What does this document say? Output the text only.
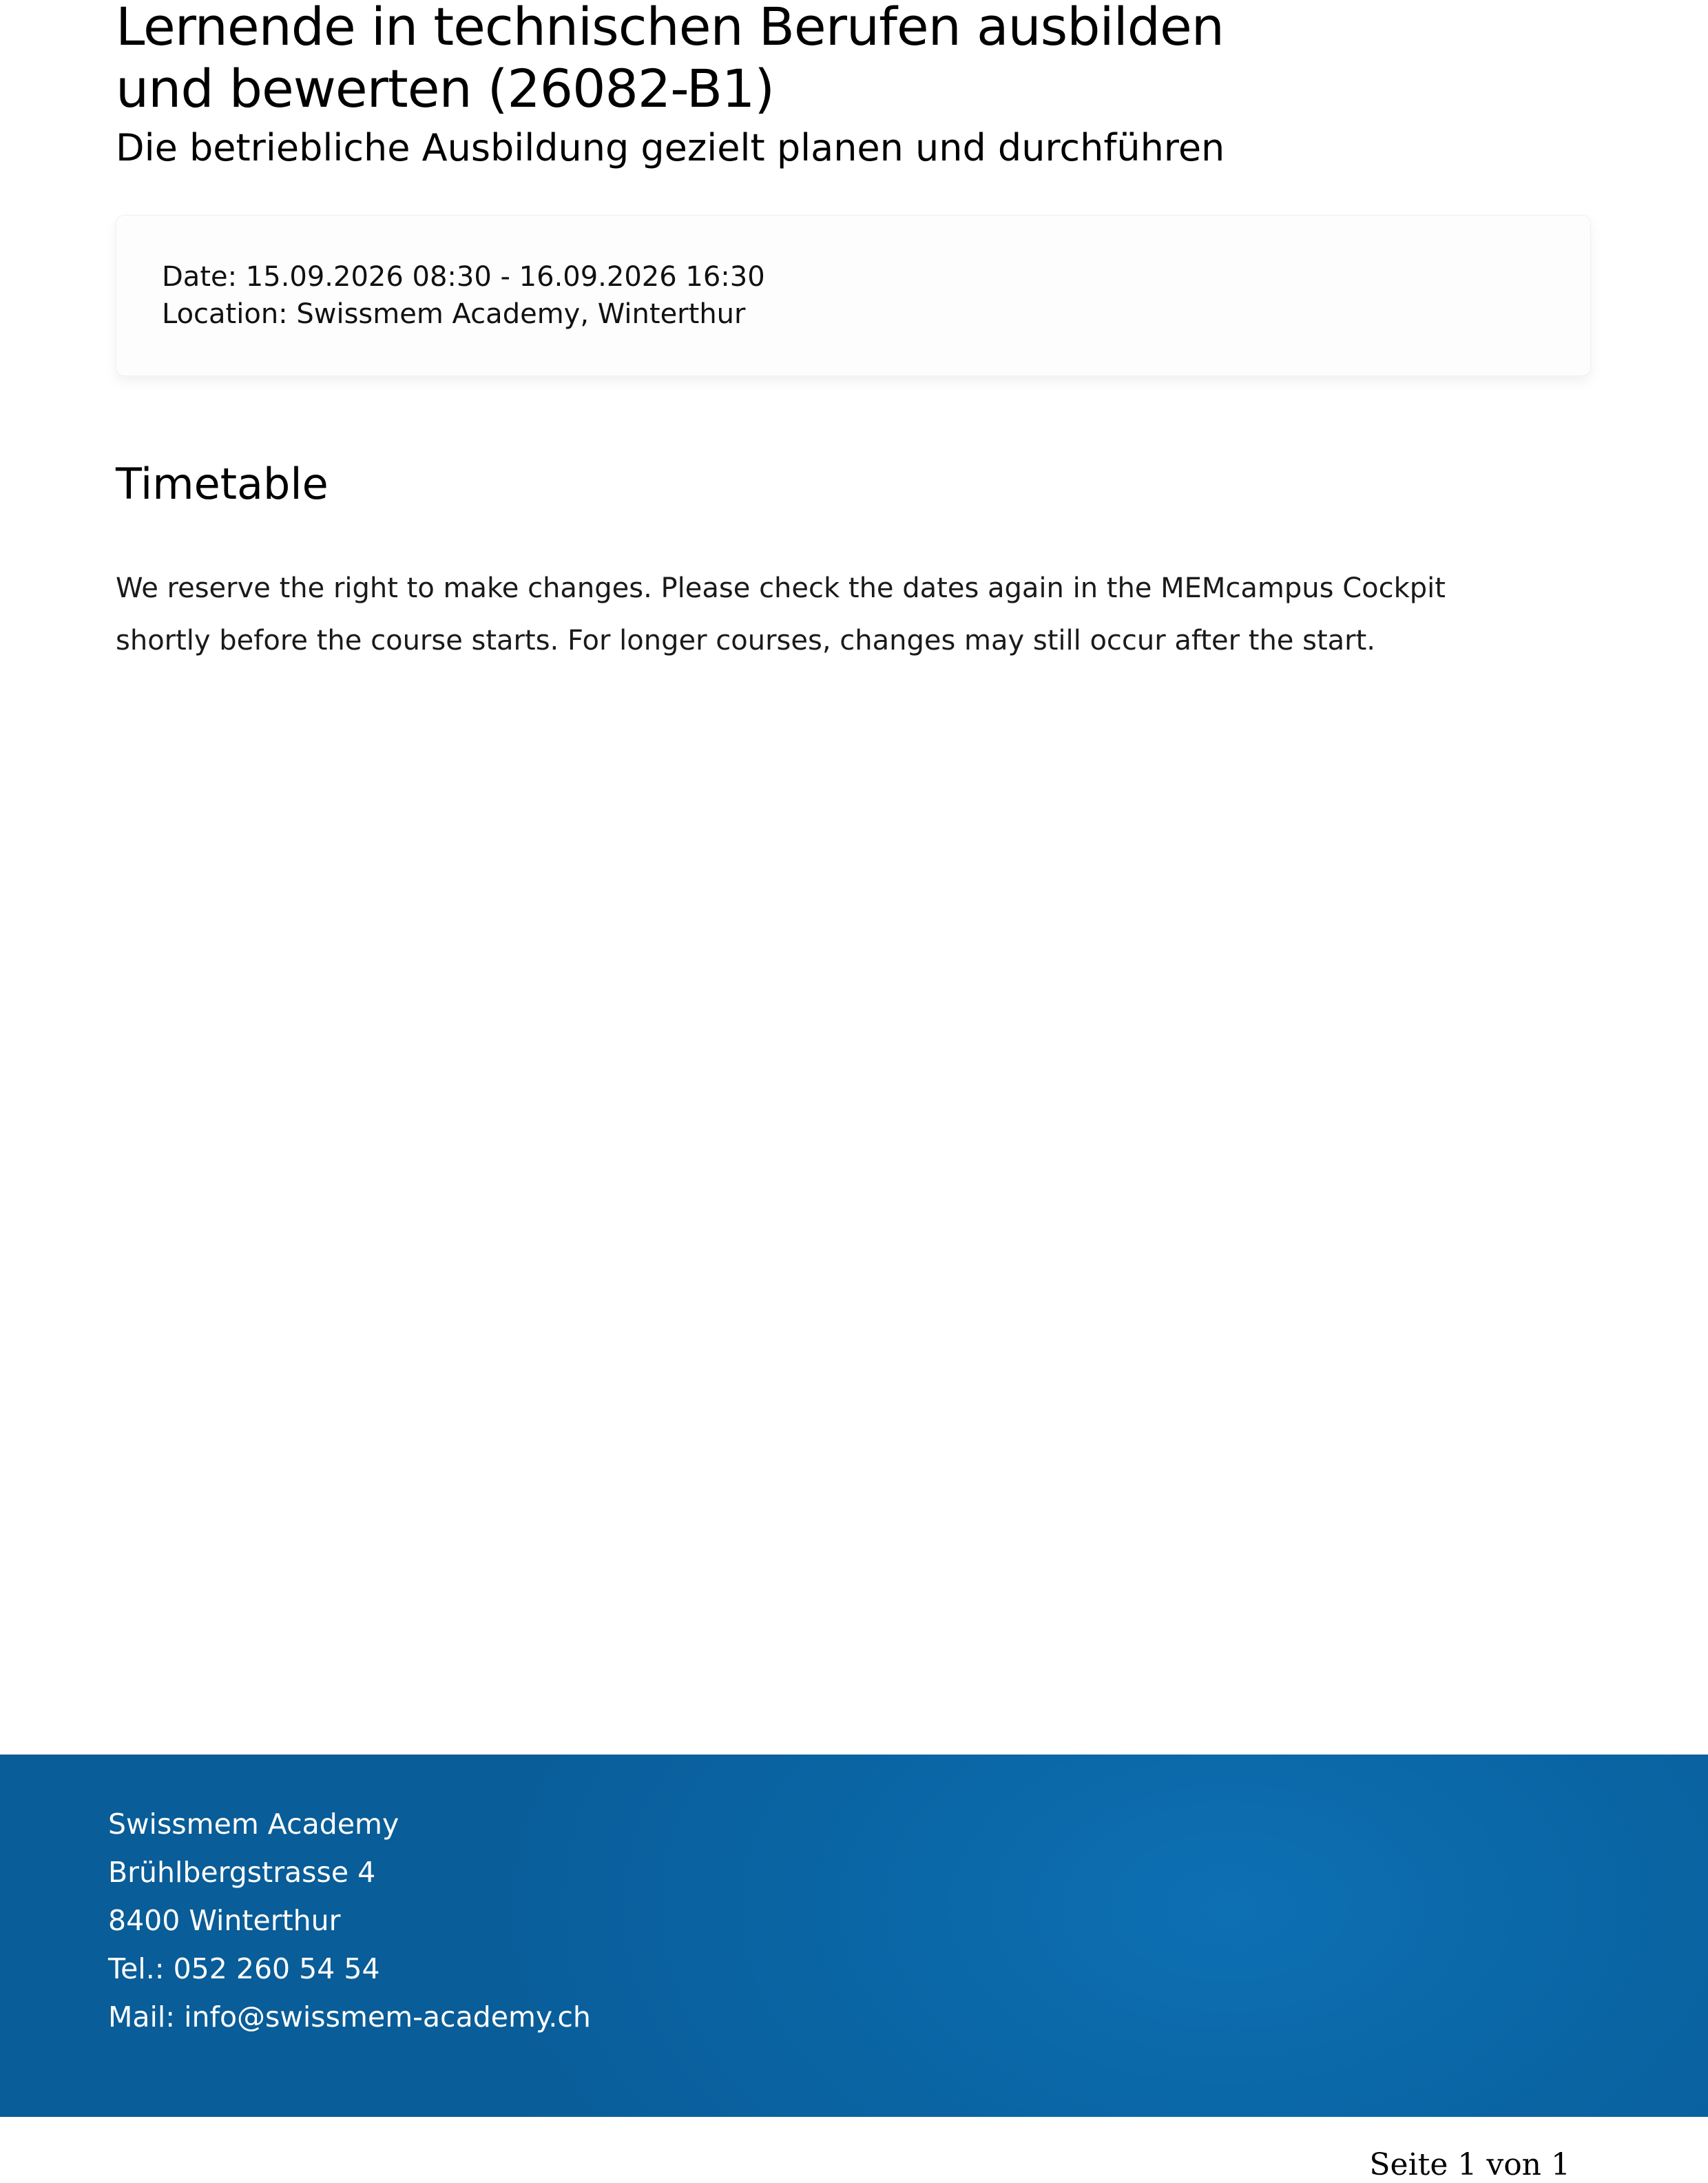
Lernende in technischen Berufen ausbilden
und bewerten (26082-B1)
Die betriebliche Ausbildung gezielt planen und durchführen
Date: 15.09.2026 08:30 - 16.09.2026 16:30
Location: Swissmem Academy, Winterthur
Timetable

We reserve the right to make changes. Please check the dates again in the MEMcampus Cockpit shortly before the course starts. For longer courses, changes may still occur after the start.

Swissmem Academy
Brühlbergstrasse 4
8400 Winterthur
Tel.: 052 260 54 54
Mail: info@swissmem-academy.ch
Seite 1 von 1
